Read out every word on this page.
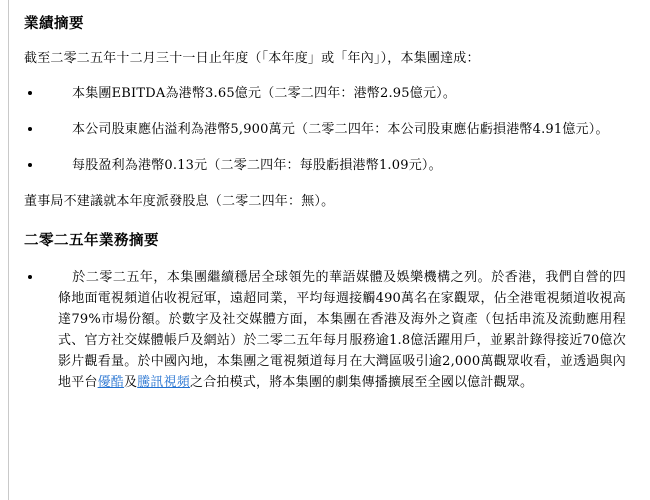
業績摘要

截至二零二五年十二月三十一日止年度（「本年度」或「年內」），本集團達成：

本集團EBITDA為港幣3.65億元（二零二四年：港幣2.95億元）。
本公司股東應佔溢利為港幣5,900萬元（二零二四年：本公司股東應佔虧損港幣4.91億元）。
每股盈利為港幣0.13元（二零二四年：每股虧損港幣1.09元）。

董事局不建議就本年度派發股息（二零二四年：無）。

二零二五年業務摘要
於二零二五年，本集團繼續穩居全球領先的華語媒體及娛樂機構之列。於香港，我們自營的四條地面電視頻道佔收視冠軍，遠超同業，平均每週接觸490萬名在家觀眾，佔全港電視頻道收視高達79%市場份額。於數字及社交媒體方面，本集團在香港及海外之資產（包括串流及流動應用程式、官方社交媒體帳戶及網站）於二零二五年每月服務逾1.8億活躍用戶，並累計錄得接近70億次影片觀看量。於中國內地，本集團之電視頻道每月在大灣區吸引逾2,000萬觀眾收看，並透過與內地平台優酷及騰訊視頻之合拍模式，將本集團的劇集傳播擴展至全國以億計觀眾。
